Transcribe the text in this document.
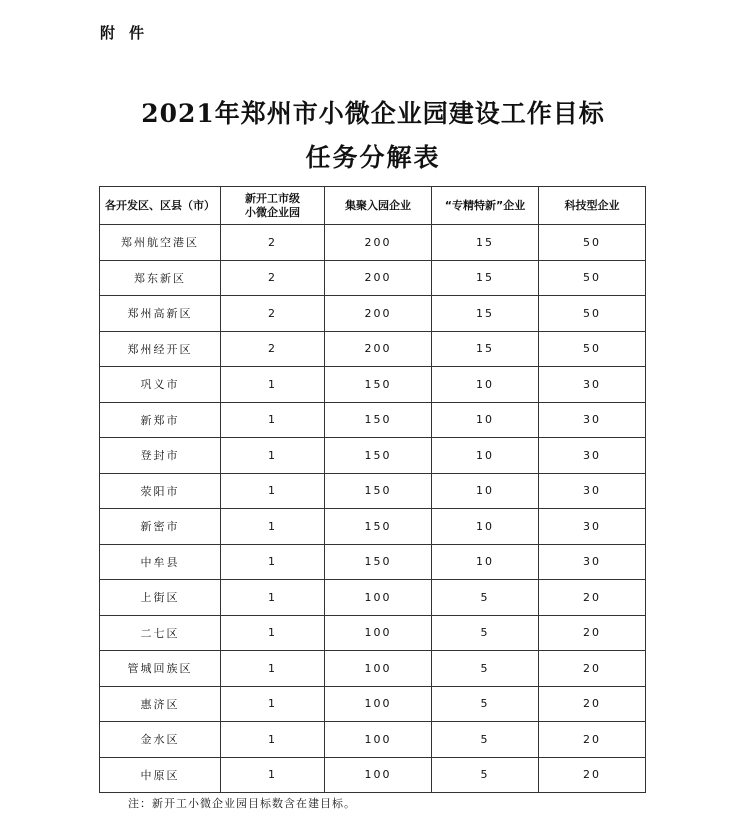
附件
2021年郑州市小微企业园建设工作目标
任务分解表
各开发区、区县（市）	新开工市级小微企业园	集聚入园企业	“专精特新”企业	科技型企业
郑州航空港区	2	200	15	50
郑东新区	2	200	15	50
郑州高新区	2	200	15	50
郑州经开区	2	200	15	50
巩义市	1	150	10	30
新郑市	1	150	10	30
登封市	1	150	10	30
荥阳市	1	150	10	30
新密市	1	150	10	30
中牟县	1	150	10	30
上街区	1	100	5	20
二七区	1	100	5	20
管城回族区	1	100	5	20
惠济区	1	100	5	20
金水区	1	100	5	20
中原区	1	100	5	20
注：新开工小微企业园目标数含在建目标。
